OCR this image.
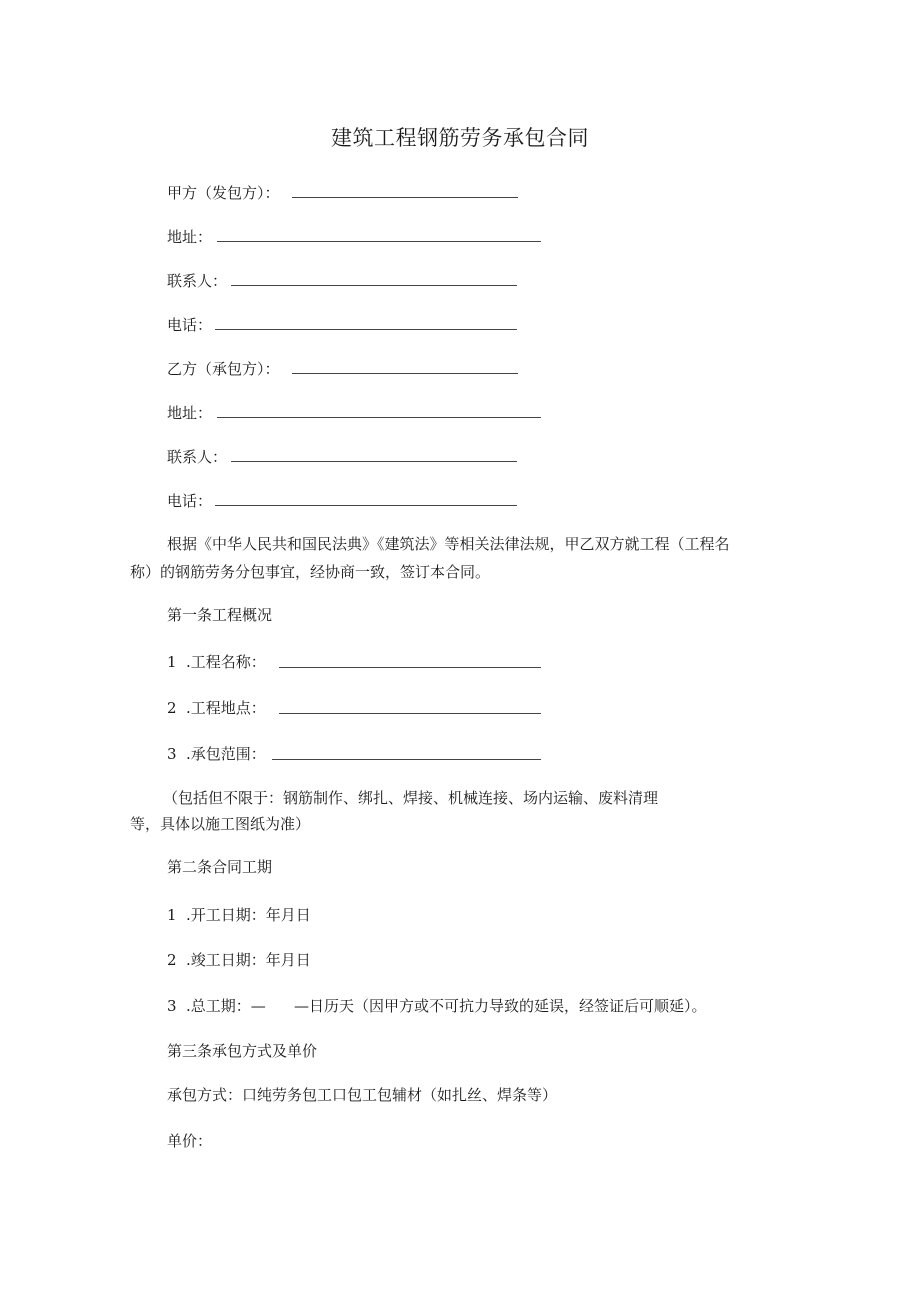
建筑工程钢筋劳务承包合同

甲方（发包方）：

地址：

联系人：

电话：

乙方（承包方）：

地址：

联系人：

电话：

根据《中华人民共和国民法典》《建筑法》等相关法律法规，甲乙双方就工程（工程名

称）的钢筋劳务分包事宜，经协商一致，签订本合同。

第一条工程概况

1 .工程名称：

2 .工程地点：

3 .承包范围：

（包括但不限于：钢筋制作、绑扎、焊接、机械连接、场内运输、废料清理

等，具体以施工图纸为准）

第二条合同工期

1 .开工日期：年月日

2 .竣工日期：年月日

3 .总工期：— —日历天（因甲方或不可抗力导致的延误，经签证后可顺延）。

第三条承包方式及单价

承包方式：口纯劳务包工口包工包辅材（如扎丝、焊条等）

单价：
